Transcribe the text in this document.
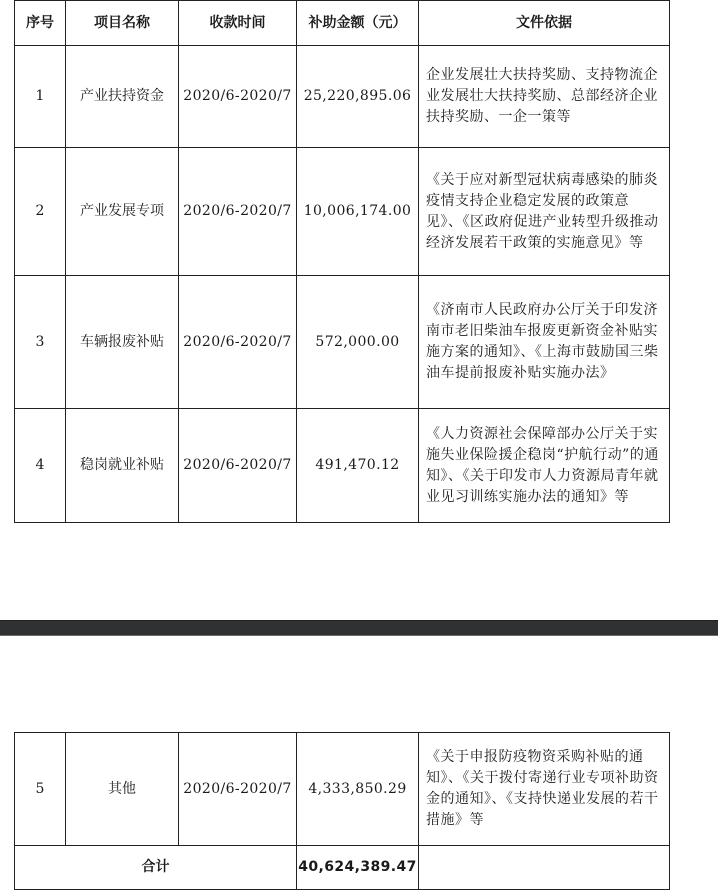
序号	项目名称	收款时间	补助金额（元）	文件依据
1	产业扶持资金	2020/6-2020/7	25,220,895.06	企业发展壮大扶持奖励、支持物流企业发展壮大扶持奖励、总部经济企业扶持奖励、一企一策等
2	产业发展专项	2020/6-2020/7	10,006,174.00	《关于应对新型冠状病毒感染的肺炎疫情支持企业稳定发展的政策意见》、《区政府促进产业转型升级推动经济发展若干政策的实施意见》等
3	车辆报废补贴	2020/6-2020/7	572,000.00	《济南市人民政府办公厅关于印发济南市老旧柴油车报废更新资金补贴实施方案的通知》、《上海市鼓励国三柴油车提前报废补贴实施办法》
4	稳岗就业补贴	2020/6-2020/7	491,470.12	《人力资源社会保障部办公厅关于实施失业保险援企稳岗“护航行动”的通知》、《关于印发市人力资源局青年就业见习训练实施办法的通知》等
5	其他	2020/6-2020/7	4,333,850.29	《关于申报防疫物资采购补贴的通知》、《关于拨付寄递行业专项补助资金的通知》、《支持快递业发展的若干措施》等
合计			40,624,389.47	
